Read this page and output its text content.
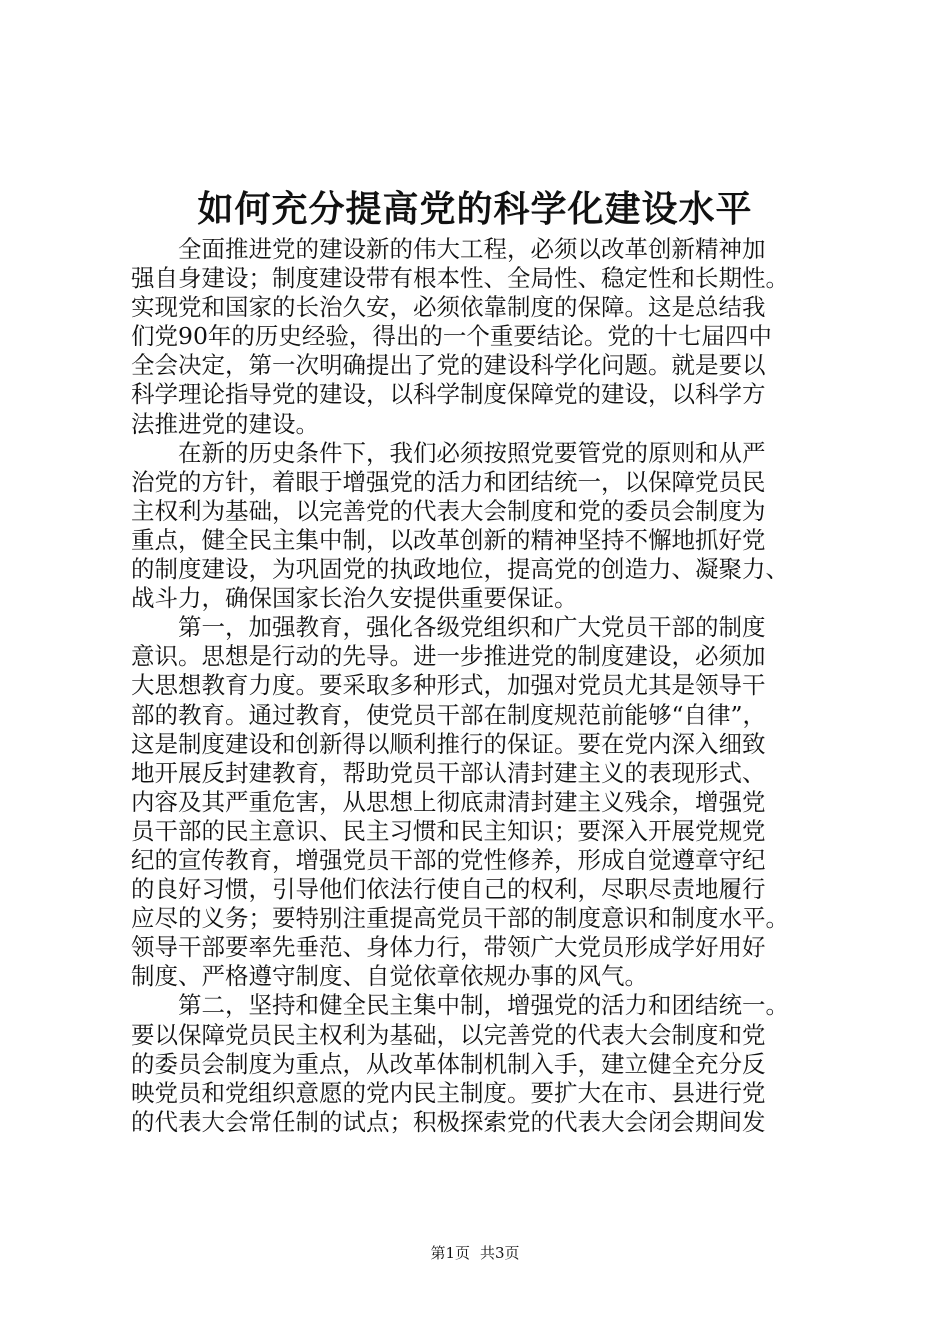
如何充分提高党的科学化建设水平
　　全面推进党的建设新的伟大工程，必须以改革创新精神加
强自身建设；制度建设带有根本性、全局性、稳定性和长期性。
实现党和国家的长治久安，必须依靠制度的保障。这是总结我
们党90年的历史经验，得出的一个重要结论。党的十七届四中
全会决定，第一次明确提出了党的建设科学化问题。就是要以
科学理论指导党的建设，以科学制度保障党的建设，以科学方
法推进党的建设。
　　在新的历史条件下，我们必须按照党要管党的原则和从严
治党的方针，着眼于增强党的活力和团结统一，以保障党员民
主权利为基础，以完善党的代表大会制度和党的委员会制度为
重点，健全民主集中制，以改革创新的精神坚持不懈地抓好党
的制度建设，为巩固党的执政地位，提高党的创造力、凝聚力、
战斗力，确保国家长治久安提供重要保证。
　　第一，加强教育，强化各级党组织和广大党员干部的制度
意识。思想是行动的先导。进一步推进党的制度建设，必须加
大思想教育力度。要采取多种形式，加强对党员尤其是领导干
部的教育。通过教育，使党员干部在制度规范前能够“自律”，
这是制度建设和创新得以顺利推行的保证。要在党内深入细致
地开展反封建教育，帮助党员干部认清封建主义的表现形式、
内容及其严重危害，从思想上彻底肃清封建主义残余，增强党
员干部的民主意识、民主习惯和民主知识；要深入开展党规党
纪的宣传教育，增强党员干部的党性修养，形成自觉遵章守纪
的良好习惯，引导他们依法行使自己的权利，尽职尽责地履行
应尽的义务；要特别注重提高党员干部的制度意识和制度水平。
领导干部要率先垂范、身体力行，带领广大党员形成学好用好
制度、严格遵守制度、自觉依章依规办事的风气。
　　第二，坚持和健全民主集中制，增强党的活力和团结统一。
要以保障党员民主权利为基础，以完善党的代表大会制度和党
的委员会制度为重点，从改革体制机制入手，建立健全充分反
映党员和党组织意愿的党内民主制度。要扩大在市、县进行党
的代表大会常任制的试点；积极探索党的代表大会闭会期间发
第1页 共3页
